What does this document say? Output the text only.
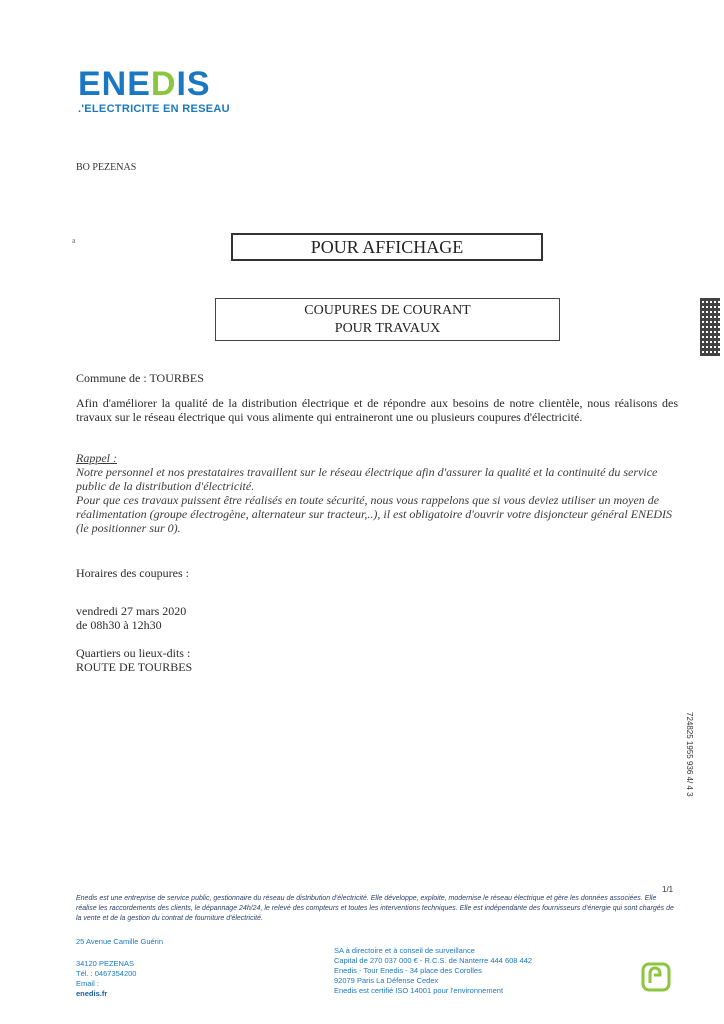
ENEDIS
.'ELECTRICITE EN RESEAU
BO PEZENAS
a	POUR AFFICHAGE
COUPURES DE COURANT
POUR TRAVAUX
Commune de : TOURBES
Afin d'améliorer la qualité de la distribution électrique et de répondre aux besoins de notre clientèle, nous réalisons des travaux sur le réseau électrique qui vous alimente qui entraineront une ou plusieurs coupures d'électricité.
Rappel :

Notre personnel et nos prestataires travaillent sur le réseau électrique afin d'assurer la qualité et la continuité du service public de la distribution d'électricité.

Pour que ces travaux puissent être réalisés en toute sécurité, nous vous rappelons que si vous deviez utiliser un moyen de réalimentation (groupe électrogène, alternateur sur tracteur,..), il est obligatoire d'ouvrir votre disjoncteur général ENEDIS (le positionner sur 0).

Horaires des coupures :
vendredi 27 mars 2020
de 08h30 à 12h30
Quartiers ou lieux-dits :
ROUTE DE TOURBES
724825 1955 936 4/ 4 3
1/1
Enedis est une entreprise de service public, gestionnaire du réseau de distribution d'électricité. Elle développe, exploite, modernise le réseau électrique et gère les données associées. Elle réalise les raccordements des clients, le dépannage 24h/24, le relevé des compteurs et toutes les interventions techniques. Elle est indépendante des fournisseurs d'énergie qui sont chargés de la vente et de la gestion du contrat de fourniture d'électricité.
25 Avenue Camille Guérin
34120 PEZENAS
Tél. : 0467354200
Email :
enedis.fr
SA à directoire et à conseil de surveillance
Capital de 270 037 000 € - R.C.S. de Nanterre 444 608 442
Enedis - Tour Enedis - 34 place des Corolles
92079 Paris La Défense Cedex
Enedis est certifié ISO 14001 pour l'environnement
